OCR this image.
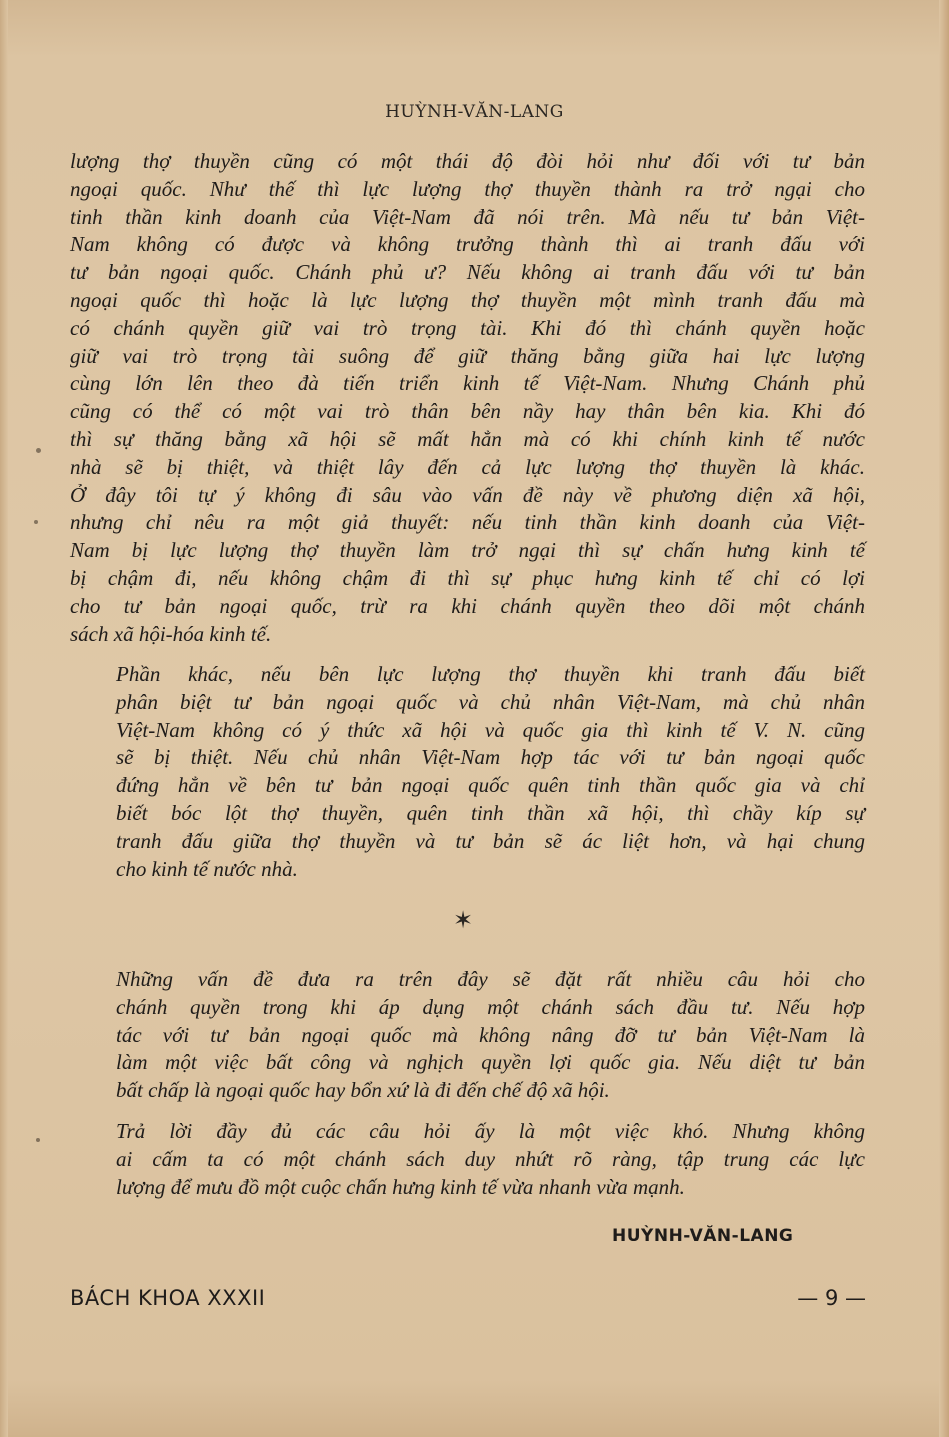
HUỲNH-VĂN-LANG
lượng thợ thuyền cũng có một thái độ đòi hỏi như đối với tư bản
ngoại quốc. Như thế thì lực lượng thợ thuyền thành ra trở ngại cho
tinh thần kinh doanh của Việt-Nam đã nói trên. Mà nếu tư bản Việt-
Nam không có được và không trưởng thành thì ai tranh đấu với
tư bản ngoại quốc. Chánh phủ ư? Nếu không ai tranh đấu với tư bản
ngoại quốc thì hoặc là lực lượng thợ thuyền một mình tranh đấu mà
có chánh quyền giữ vai trò trọng tài. Khi đó thì chánh quyền hoặc
giữ vai trò trọng tài suông để giữ thăng bằng giữa hai lực lượng
cùng lớn lên theo đà tiến triển kinh tế Việt-Nam. Nhưng Chánh phủ
cũng có thể có một vai trò thân bên nầy hay thân bên kia. Khi đó
thì sự thăng bằng xã hội sẽ mất hẳn mà có khi chính kinh tế nước
nhà sẽ bị thiệt, và thiệt lây đến cả lực lượng thợ thuyền là khác.
Ở đây tôi tự ý không đi sâu vào vấn đề này về phương diện xã hội,
nhưng chỉ nêu ra một giả thuyết: nếu tinh thần kinh doanh của Việt-
Nam bị lực lượng thợ thuyền làm trở ngại thì sự chấn hưng kinh tế
bị chậm đi, nếu không chậm đi thì sự phục hưng kinh tế chỉ có lợi
cho tư bản ngoại quốc, trừ ra khi chánh quyền theo dõi một chánh
sách xã hội-hóa kinh tế.
Phần khác, nếu bên lực lượng thợ thuyền khi tranh đấu biết
phân biệt tư bản ngoại quốc và chủ nhân Việt-Nam, mà chủ nhân
Việt-Nam không có ý thức xã hội và quốc gia thì kinh tế V. N. cũng
sẽ bị thiệt. Nếu chủ nhân Việt-Nam hợp tác với tư bản ngoại quốc
đứng hẳn về bên tư bản ngoại quốc quên tinh thần quốc gia và chỉ
biết bóc lột thợ thuyền, quên tinh thần xã hội, thì chầy kíp sự
tranh đấu giữa thợ thuyền và tư bản sẽ ác liệt hơn, và hại chung
cho kinh tế nước nhà.
✶
Những vấn đề đưa ra trên đây sẽ đặt rất nhiều câu hỏi cho
chánh quyền trong khi áp dụng một chánh sách đầu tư. Nếu hợp
tác với tư bản ngoại quốc mà không nâng đỡ tư bản Việt-Nam là
làm một việc bất công và nghịch quyền lợi quốc gia. Nếu diệt tư bản
bất chấp là ngoại quốc hay bổn xứ là đi đến chế độ xã hội.
Trả lời đầy đủ các câu hỏi ấy là một việc khó. Nhưng không
ai cấm ta có một chánh sách duy nhứt rõ ràng, tập trung các lực
lượng để mưu đồ một cuộc chấn hưng kinh tế vừa nhanh vừa mạnh.
HUỲNH-VĂN-LANG
BÁCH KHOA XXXII	— 9 —
